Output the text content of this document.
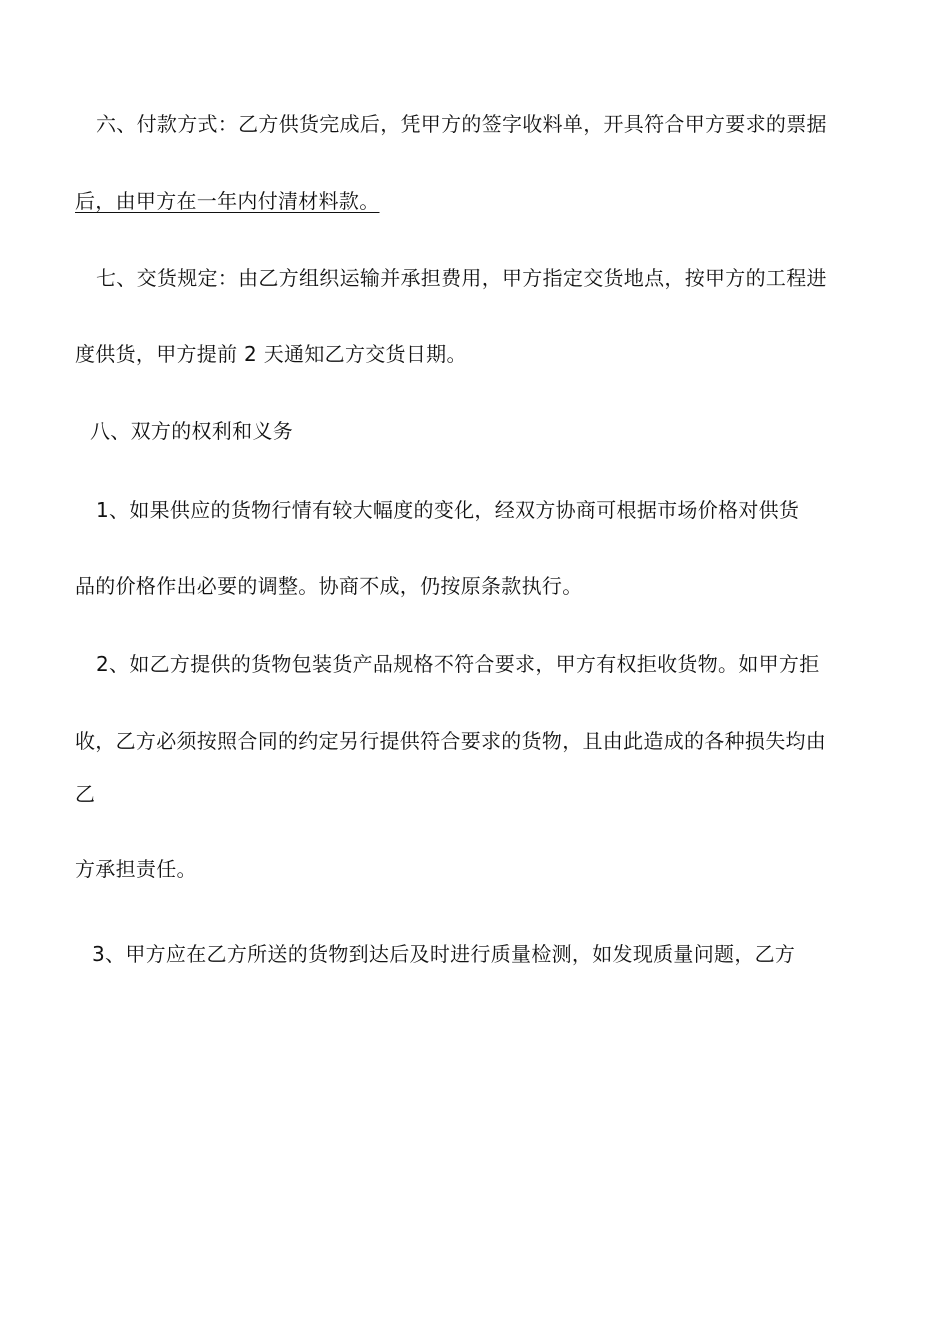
六、付款方式：乙方供货完成后，凭甲方的签字收料单，开具符合甲方要求的票据
后，由甲方在一年内付清材料款。
七、交货规定：由乙方组织运输并承担费用，甲方指定交货地点，按甲方的工程进
度供货，甲方提前 2 天通知乙方交货日期。
八、双方的权利和义务
1、如果供应的货物行情有较大幅度的变化，经双方协商可根据市场价格对供货
品的价格作出必要的调整。协商不成，仍按原条款执行。
2、如乙方提供的货物包装货产品规格不符合要求，甲方有权拒收货物。如甲方拒
收，乙方必须按照合同的约定另行提供符合要求的货物，且由此造成的各种损失均由
乙
方承担责任。
3、甲方应在乙方所送的货物到达后及时进行质量检测，如发现质量问题，乙方
